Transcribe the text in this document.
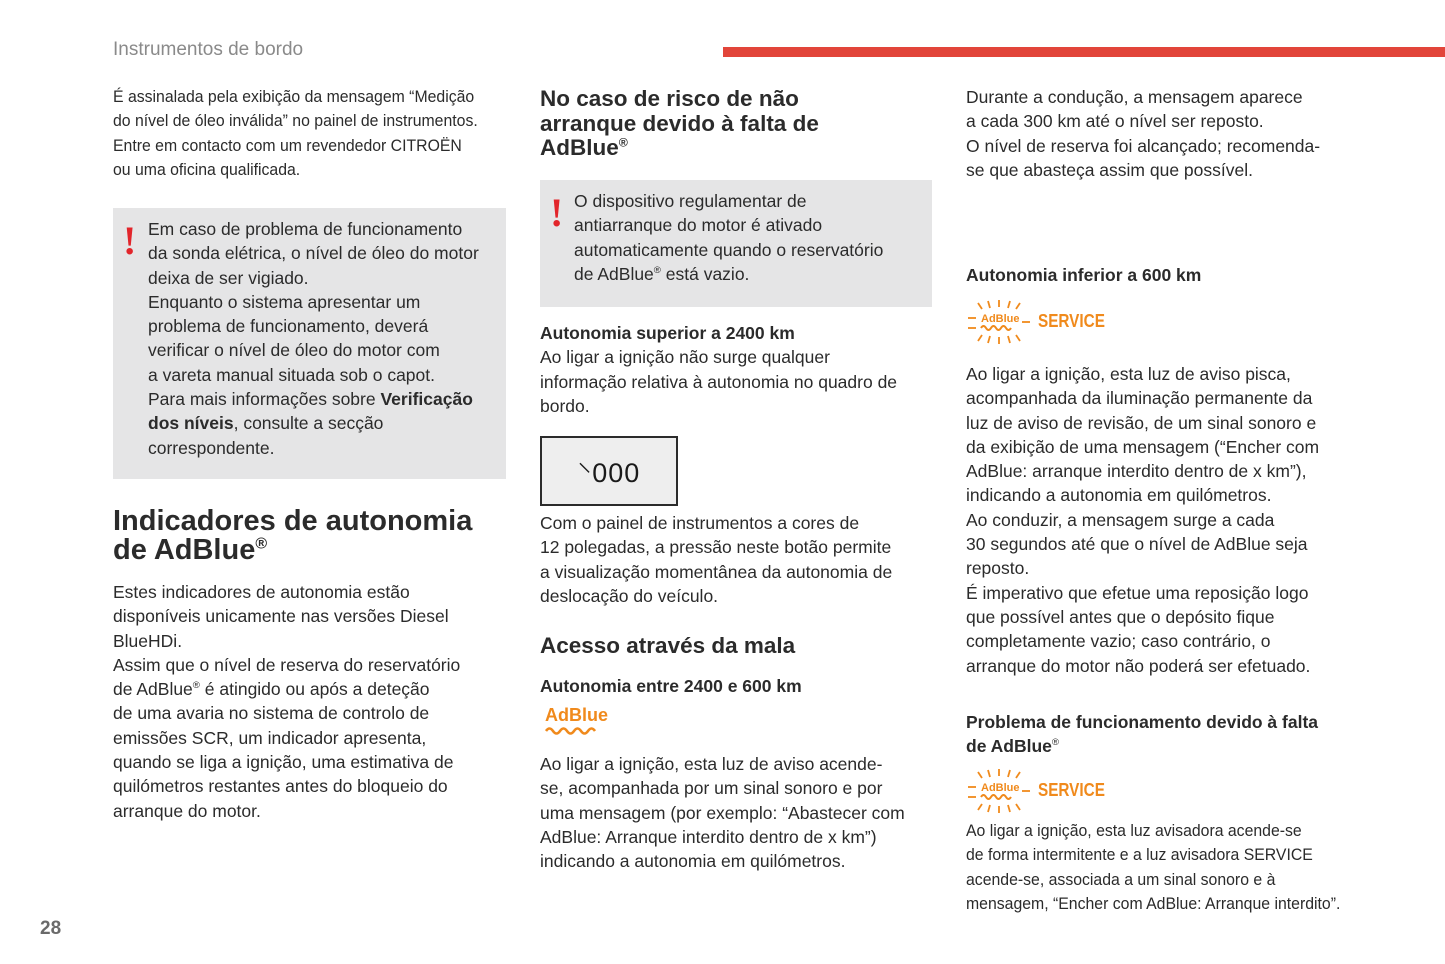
Instrumentos de bordo
28
É assinalada pela exibição da mensagem “Medição
do nível de óleo inválida” no painel de instrumentos.
Entre em contacto com um revendedor CITROËN
ou uma oficina qualificada.
! Em caso de problema de funcionamento
da sonda elétrica, o nível de óleo do motor
deixa de ser vigiado.
Enquanto o sistema apresentar um
problema de funcionamento, deverá
verificar o nível de óleo do motor com
a vareta manual situada sob o capot.
Para mais informações sobre Verificação
dos níveis, consulte a secção
correspondente.
Indicadores de autonomia
de AdBlue®
Estes indicadores de autonomia estão
disponíveis unicamente nas versões Diesel
BlueHDi.
Assim que o nível de reserva do reservatório
de AdBlue® é atingido ou após a deteção
de uma avaria no sistema de controlo de
emissões SCR, um indicador apresenta,
quando se liga a ignição, uma estimativa de
quilómetros restantes antes do bloqueio do
arranque do motor.
No caso de risco de não
arranque devido à falta de
AdBlue®
! O dispositivo regulamentar de
antiarranque do motor é ativado
automaticamente quando o reservatório
de AdBlue® está vazio.
Autonomia superior a 2400 km
Ao ligar a ignição não surge qualquer
informação relativa à autonomia no quadro de
bordo.
⸌000
Com o painel de instrumentos a cores de
12 polegadas, a pressão neste botão permite
a visualização momentânea da autonomia de
deslocação do veículo.
Acesso através da mala
Autonomia entre 2400 e 600 km
AdBlue
Ao ligar a ignição, esta luz de aviso acende-
se, acompanhada por um sinal sonoro e por
uma mensagem (por exemplo: “Abastecer com
AdBlue: Arranque interdito dentro de x km”)
indicando a autonomia em quilómetros.
Durante a condução, a mensagem aparece
a cada 300 km até o nível ser reposto.
O nível de reserva foi alcançado; recomenda-
se que abasteça assim que possível.
Autonomia inferior a 600 km
AdBlue SERVICE
Ao ligar a ignição, esta luz de aviso pisca,
acompanhada da iluminação permanente da
luz de aviso de revisão, de um sinal sonoro e
da exibição de uma mensagem (“Encher com
AdBlue: arranque interdito dentro de x km”),
indicando a autonomia em quilómetros.
Ao conduzir, a mensagem surge a cada
30 segundos até que o nível de AdBlue seja
reposto.
É imperativo que efetue uma reposição logo
que possível antes que o depósito fique
completamente vazio; caso contrário, o
arranque do motor não poderá ser efetuado.
Problema de funcionamento devido à falta
de AdBlue®
AdBlue SERVICE
Ao ligar a ignição, esta luz avisadora acende-se
de forma intermitente e a luz avisadora SERVICE
acende-se, associada a um sinal sonoro e à
mensagem, “Encher com AdBlue: Arranque interdito”.
